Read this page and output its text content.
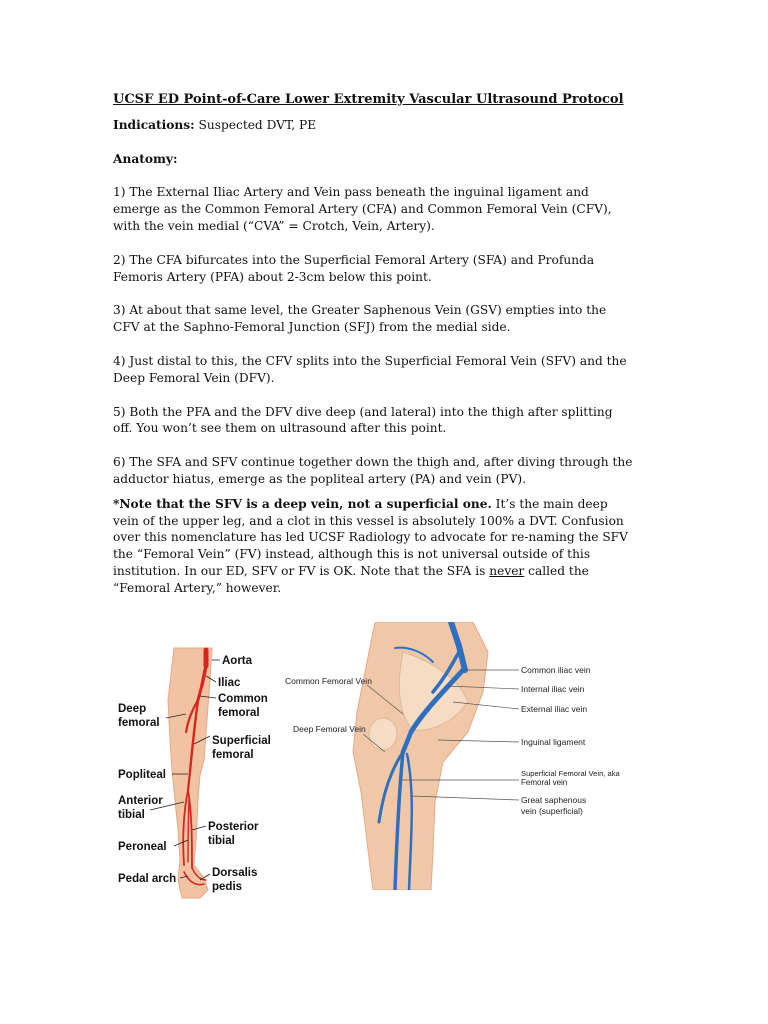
UCSF ED Point-of-Care Lower Extremity Vascular Ultrasound Protocol
Indications: Suspected DVT, PE
Anatomy:
1) The External Iliac Artery and Vein pass beneath the inguinal ligament and emerge as the Common Femoral Artery (CFA) and Common Femoral Vein (CFV), with the vein medial (“CVA” = Crotch, Vein, Artery).
2) The CFA bifurcates into the Superficial Femoral Artery (SFA) and Profunda Femoris Artery (PFA) about 2-3cm below this point.
3) At about that same level, the Greater Saphenous Vein (GSV) empties into the CFV at the Saphno-Femoral Junction (SFJ) from the medial side.
4) Just distal to this, the CFV splits into the Superficial Femoral Vein (SFV) and the Deep Femoral Vein (DFV).
5) Both the PFA and the DFV dive deep (and lateral) into the thigh after splitting off. You won’t see them on ultrasound after this point.
6) The SFA and SFV continue together down the thigh and, after diving through the adductor hiatus, emerge as the popliteal artery (PA) and vein (PV).
*Note that the SFV is a deep vein, not a superficial one. It’s the main deep vein of the upper leg, and a clot in this vessel is absolutely 100% a DVT. Confusion over this nomenclature has led UCSF Radiology to advocate for re-naming the SFV the “Femoral Vein” (FV) instead, although this is not universal outside of this institution. In our ED, SFV or FV is OK. Note that the SFA is never called the “Femoral Artery,” however.
Aorta
Iliac
Common
femoral
Deep
femoral
Superficial
femoral
Popliteal
Anterior
tibial
Posterior
tibial
Peroneal
Pedal arch	Dorsalis
pedis
Common Femoral Vein
Deep Femoral Vein
Common iliac vein
Internal iliac vein
External iliac vein
Inguinal ligament
Superficial Femoral Vein, aka
Femoral vein
Great saphenous
vein (superficial)
